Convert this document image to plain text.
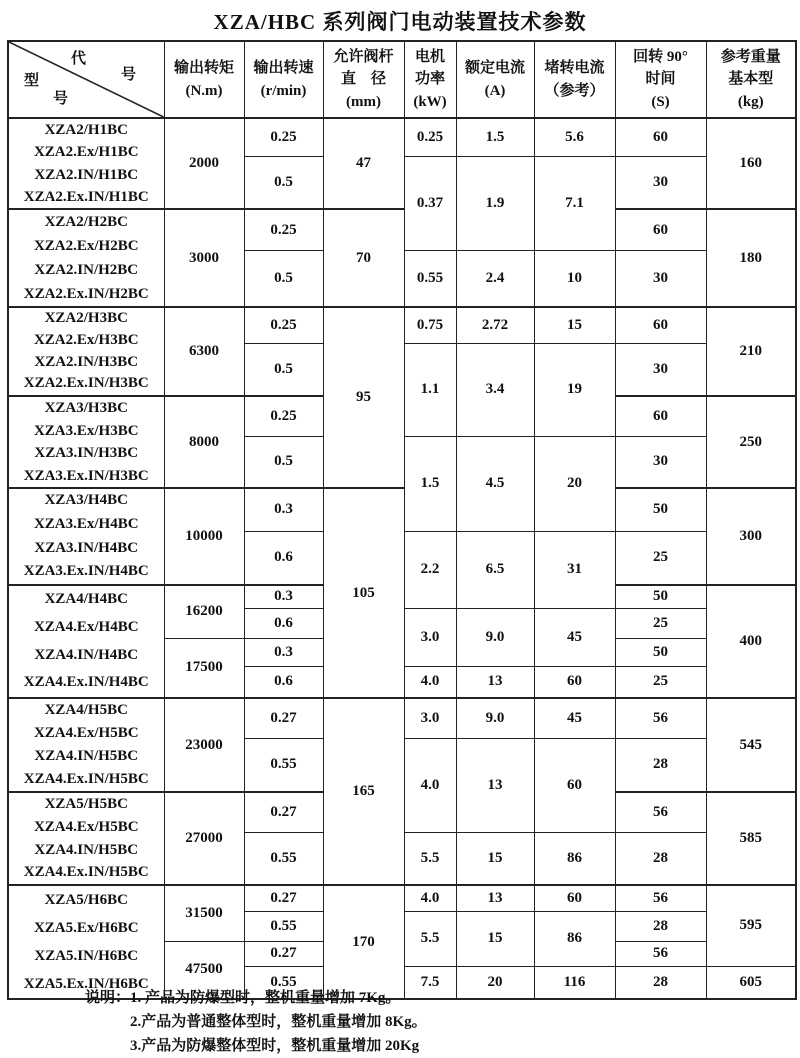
XZA/HBC 系列阀门电动装置技术参数
代
号
型
号

输出转矩
(N.m)

输出转速
(r/min)

允许阀杆
直    径
(mm)

电机
功率
(kW)

额定电流
(A)

堵转电流
（参考）

回转 90°
时间
(S)

参考重量
基本型
(kg)

XZA2/H1BC
XZA2.Ex/H1BC
XZA2.IN/H1BC
XZA2.Ex.IN/H1BC	2000	0.25	47	0.25	1.5	5.6	60	160
		0.5		0.37	1.9	7.1	30	

XZA2/H2BC
XZA2.Ex/H2BC
XZA2.IN/H2BC
XZA2.Ex.IN/H2BC	3000	0.25	70				60	180
		0.5		0.55	2.4	10	30	

XZA2/H3BC
XZA2.Ex/H3BC
XZA2.IN/H3BC
XZA2.Ex.IN/H3BC	6300	0.25	95	0.75	2.72	15	60	210
		0.5		1.1	3.4	19	30	

XZA3/H3BC
XZA3.Ex/H3BC
XZA3.IN/H3BC
XZA3.Ex.IN/H3BC	8000	0.25					60	250
		0.5		1.5	4.5	20	30	

XZA3/H4BC
XZA3.Ex/H4BC
XZA3.IN/H4BC
XZA3.Ex.IN/H4BC	10000	0.3	105				50	300
		0.6		2.2	6.5	31	25	

XZA4/H4BC
XZA4.Ex/H4BC
XZA4.IN/H4BC
XZA4.Ex.IN/H4BC	16200	0.3					50	400
		0.6		3.0	9.0	45	25	
	17500	0.3					50	
		0.6		4.0	13	60	25	

XZA4/H5BC
XZA4.Ex/H5BC
XZA4.IN/H5BC
XZA4.Ex.IN/H5BC	23000	0.27	165	3.0	9.0	45	56	545
		0.55		4.0	13	60	28	

XZA5/H5BC
XZA4.Ex/H5BC
XZA4.IN/H5BC
XZA4.Ex.IN/H5BC	27000	0.27					56	585
		0.55		5.5	15	86	28	

XZA5/H6BC
XZA5.Ex/H6BC
XZA5.IN/H6BC
XZA5.Ex.IN/H6BC	31500	0.27	170	4.0	13	60	56	595
		0.55		5.5	15	86	28	
	47500	0.27					56	
		0.55		7.5	20	116	28	605
说明：1. 产品为防爆型时，整机重量增加 7Kg。
2.产品为普通整体型时，整机重量增加 8Kg。
3.产品为防爆整体型时，整机重量增加 20Kg
